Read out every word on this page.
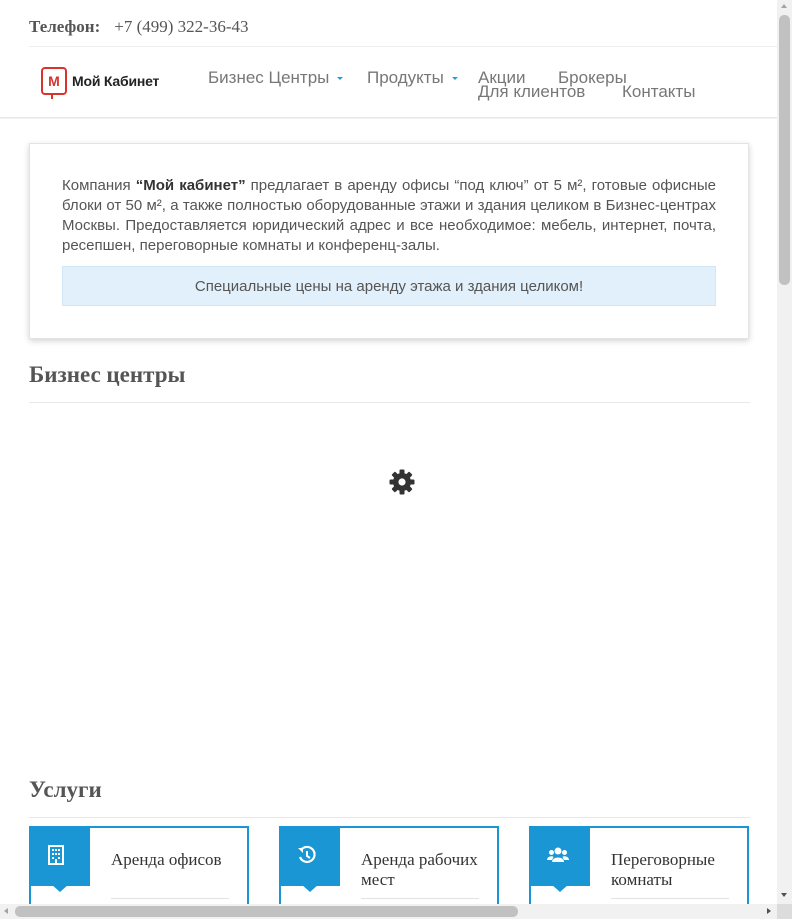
Телефон: +7 (499) 322-36-43
М Мой Кабинет	Бизнес Центры	Продукты	Акции Брокеры
Для клиентов Контакты
Компания “Мой кабинет” предлагает в аренду офисы “под ключ” от 5 м², готовые офисные блоки от 50 м², а также полностью оборудованные этажи и здания целиком в Бизнес-центрах Москвы. Предоставляется юридический адрес и все необходимое: мебель, интернет, почта, ресепшен, переговорные комнаты и конференц-залы.
Специальные цены на аренду этажа и здания целиком!
Бизнес центры
Услуги
Аренда офисов	Аренда рабочих мест
Переговорные комнаты
